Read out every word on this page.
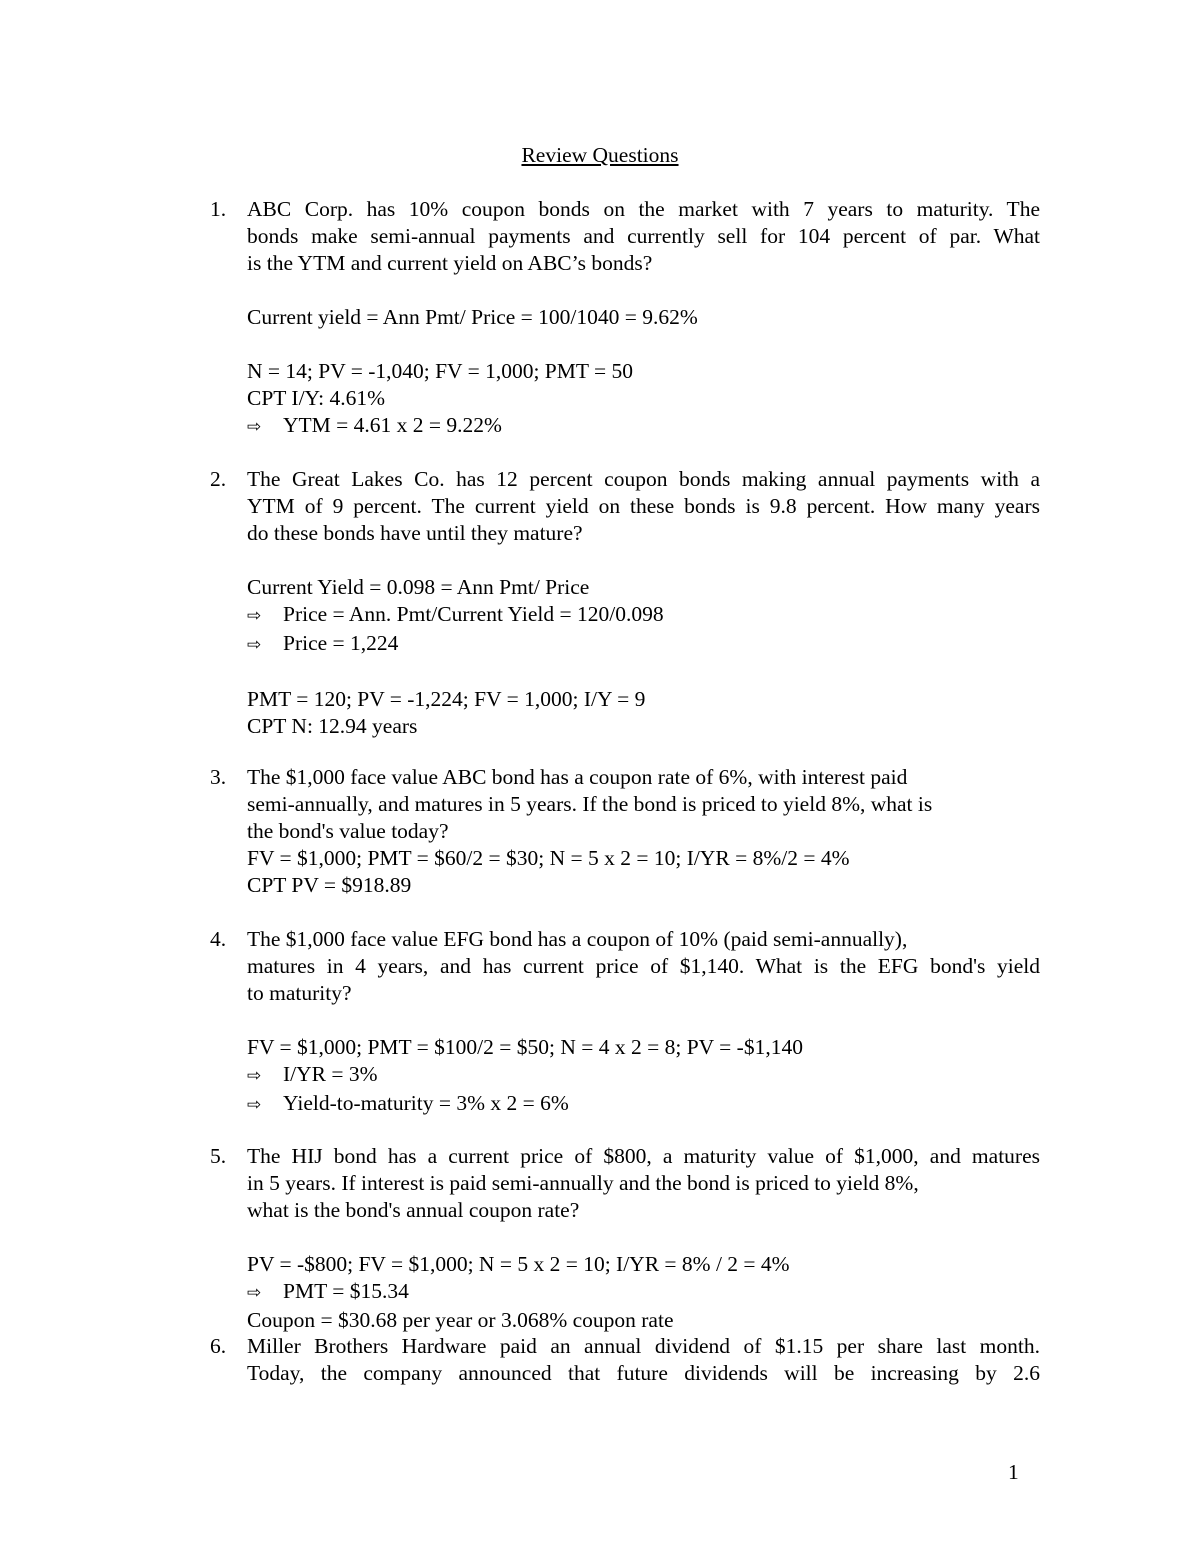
Review Questions
1. ABC Corp. has 10% coupon bonds on the market with 7 years to maturity. The
bonds make semi-annual payments and currently sell for 104 percent of par. What
is the YTM and current yield on ABC’s bonds?
Current yield = Ann Pmt/ Price = 100/1040 = 9.62%
N = 14; PV = -1,040; FV = 1,000; PMT = 50
CPT I/Y: 4.61%
⇨ YTM = 4.61 x 2 = 9.22%
2. The Great Lakes Co. has 12 percent coupon bonds making annual payments with a
YTM of 9 percent. The current yield on these bonds is 9.8 percent. How many years
do these bonds have until they mature?
Current Yield = 0.098 = Ann Pmt/ Price
⇨ Price = Ann. Pmt/Current Yield = 120/0.098
⇨ Price = 1,224
PMT = 120; PV = -1,224; FV = 1,000; I/Y = 9
CPT N: 12.94 years
3. The $1,000 face value ABC bond has a coupon rate of 6%, with interest paid
semi-annually, and matures in 5 years. If the bond is priced to yield 8%, what is
the bond's value today?
FV = $1,000; PMT = $60/2 = $30; N = 5 x 2 = 10; I/YR = 8%/2 = 4%
CPT PV = $918.89
4. The $1,000 face value EFG bond has a coupon of 10% (paid semi-annually),
matures in 4 years, and has current price of $1,140. What is the EFG bond's yield
to maturity?
FV = $1,000; PMT = $100/2 = $50; N = 4 x 2 = 8; PV = -$1,140
⇨ I/YR = 3%
⇨ Yield-to-maturity = 3% x 2 = 6%
5. The HIJ bond has a current price of $800, a maturity value of $1,000, and matures
in 5 years. If interest is paid semi-annually and the bond is priced to yield 8%,
what is the bond's annual coupon rate?
PV = -$800; FV = $1,000; N = 5 x 2 = 10; I/YR = 8% / 2 = 4%
⇨ PMT = $15.34
Coupon = $30.68 per year or 3.068% coupon rate
6. Miller Brothers Hardware paid an annual dividend of $1.15 per share last month.
Today, the company announced that future dividends will be increasing by 2.6
1
